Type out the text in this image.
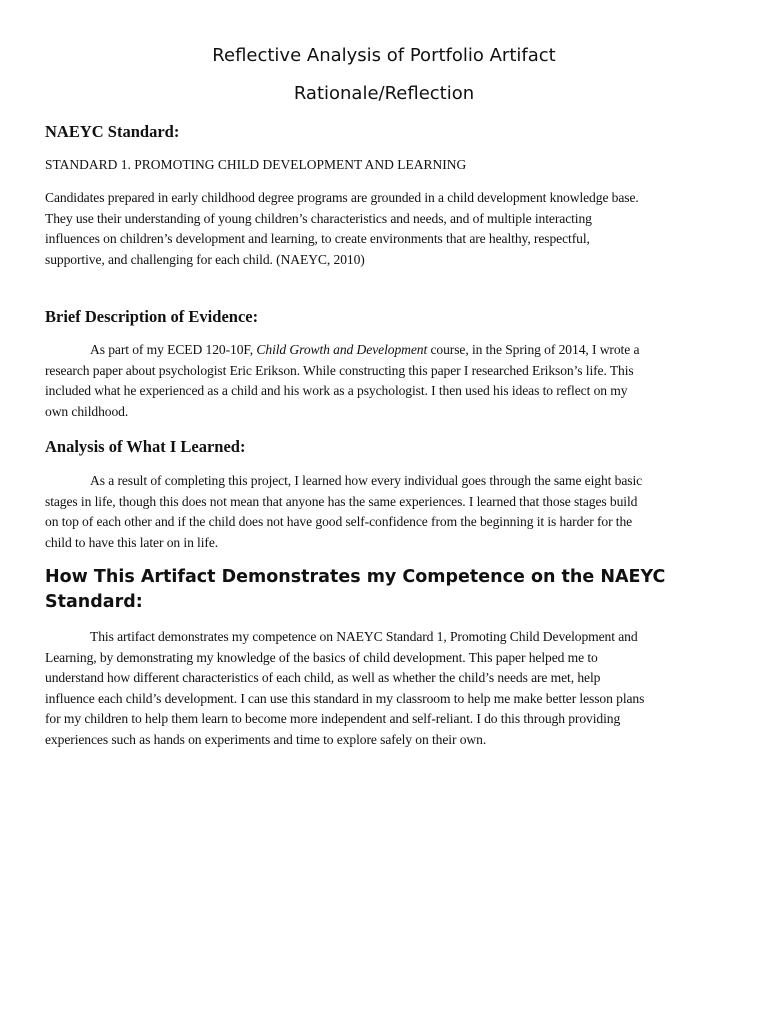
Reflective Analysis of Portfolio Artifact
Rationale/Reflection
NAEYC Standard:

STANDARD 1. PROMOTING CHILD DEVELOPMENT AND LEARNING

Candidates prepared in early childhood degree programs are grounded in a child development knowledge base.
They use their understanding of young children’s characteristics and needs, and of multiple interacting
influences on children’s development and learning, to create environments that are healthy, respectful,
supportive, and challenging for each child. (NAEYC, 2010)

Brief Description of Evidence:

As part of my ECED 120-10F, Child Growth and Development course, in the Spring of 2014, I wrote a
research paper about psychologist Eric Erikson. While constructing this paper I researched Erikson’s life. This
included what he experienced as a child and his work as a psychologist. I then used his ideas to reflect on my
own childhood.

Analysis of What I Learned:

As a result of completing this project, I learned how every individual goes through the same eight basic
stages in life, though this does not mean that anyone has the same experiences. I learned that those stages build
on top of each other and if the child does not have good self-confidence from the beginning it is harder for the
child to have this later on in life.

How This Artifact Demonstrates my Competence on the NAEYC
Standard:

This artifact demonstrates my competence on NAEYC Standard 1, Promoting Child Development and
Learning, by demonstrating my knowledge of the basics of child development. This paper helped me to
understand how different characteristics of each child, as well as whether the child’s needs are met, help
influence each child’s development. I can use this standard in my classroom to help me make better lesson plans
for my children to help them learn to become more independent and self-reliant. I do this through providing
experiences such as hands on experiments and time to explore safely on their own.
